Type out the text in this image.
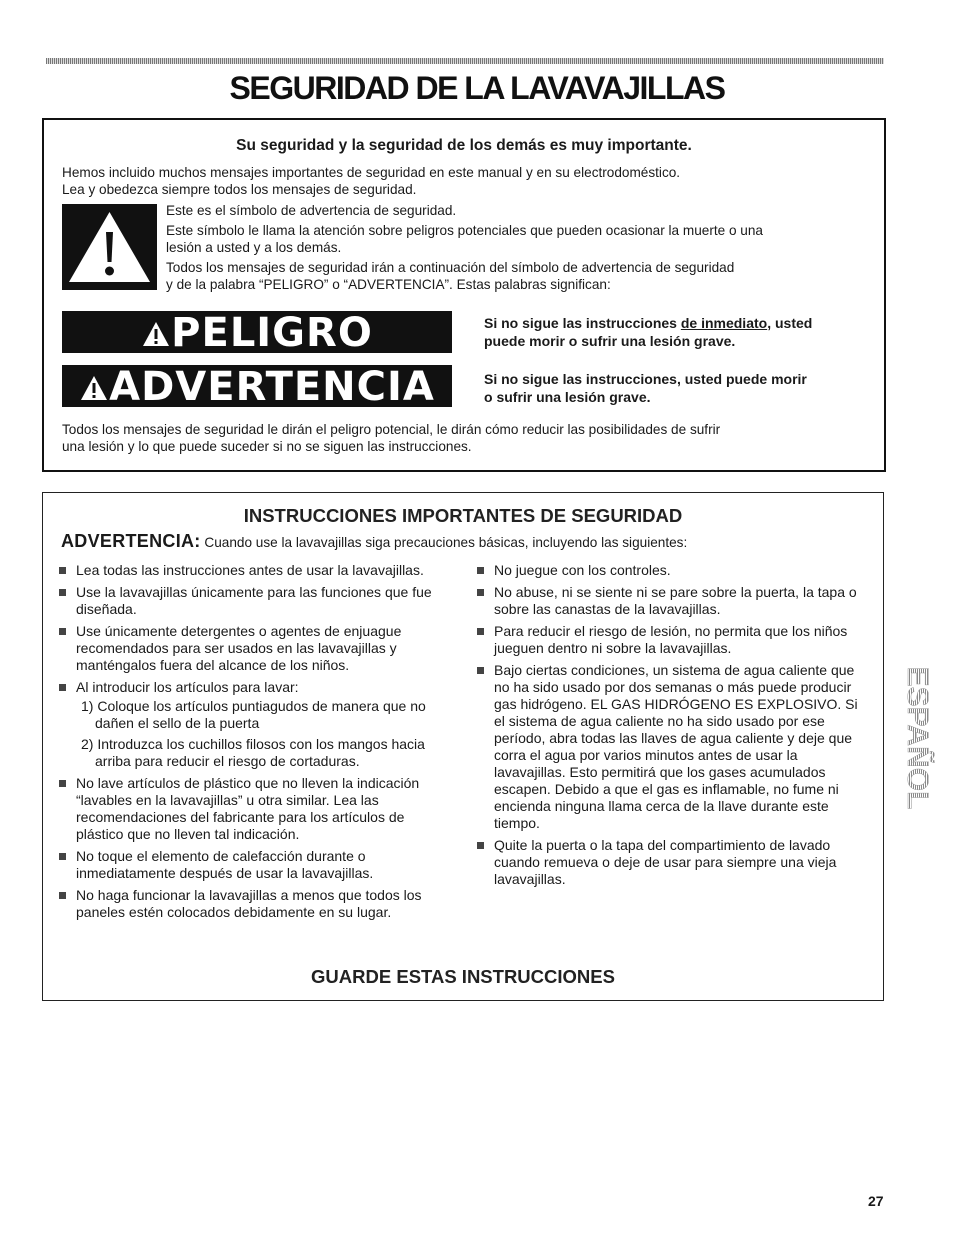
SEGURIDAD DE LA LAVAVAJILLAS
Su seguridad y la seguridad de los demás es muy importante.
Hemos incluido muchos mensajes importantes de seguridad en este manual y en su electrodoméstico.
Lea y obedezca siempre todos los mensajes de seguridad.
Este es el símbolo de advertencia de seguridad.
Este símbolo le llama la atención sobre peligros potenciales que pueden ocasionar la muerte o una
lesión a usted y a los demás.
Todos los mensajes de seguridad irán a continuación del símbolo de advertencia de seguridad
y de la palabra “PELIGRO” o “ADVERTENCIA”. Estas palabras significan:
PELIGRO	Si no sigue las instrucciones de inmediato, usted
puede morir o sufrir una lesión grave.
ADVERTENCIA	Si no sigue las instrucciones, usted puede morir
o sufrir una lesión grave.
Todos los mensajes de seguridad le dirán el peligro potencial, le dirán cómo reducir las posibilidades de sufrir
una lesión y lo que puede suceder si no se siguen las instrucciones.
INSTRUCCIONES IMPORTANTES DE SEGURIDAD
ADVERTENCIA: Cuando use la lavavajillas siga precauciones básicas, incluyendo las siguientes:
Lea todas las instrucciones antes de usar la lavavajillas.
Use la lavavajillas únicamente para las funciones que fue diseñada.
Use únicamente detergentes o agentes de enjuague recomendados para ser usados en las lavavajillas y manténgalos fuera del alcance de los niños.
Al introducir los artículos para lavar:
1) Coloque los artículos puntiagudos de manera que no dañen el sello de la puerta
2) Introduzca los cuchillos filosos con los mangos hacia arriba para reducir el riesgo de cortaduras.
No lave artículos de plástico que no lleven la indicación “lavables en la lavavajillas” u otra similar. Lea las recomendaciones del fabricante para los artículos de plástico que no lleven tal indicación.
No toque el elemento de calefacción durante o inmediatamente después de usar la lavavajillas.
No haga funcionar la lavavajillas a menos que todos los paneles estén colocados debidamente en su lugar.
No juegue con los controles.
No abuse, ni se siente ni se pare sobre la puerta, la tapa o sobre las canastas de la lavavajillas.
Para reducir el riesgo de lesión, no permita que los niños jueguen dentro ni sobre la lavavajillas.
Bajo ciertas condiciones, un sistema de agua caliente que no ha sido usado por dos semanas o más puede producir gas hidrógeno. EL GAS HIDRÓGENO ES EXPLOSIVO. Si el sistema de agua caliente no ha sido usado por ese período, abra todas las llaves de agua caliente y deje que corra el agua por varios minutos antes de usar la lavavajillas. Esto permitirá que los gases acumulados escapen. Debido a que el gas es inflamable, no fume ni encienda ninguna llama cerca de la llave durante este tiempo.
Quite la puerta o la tapa del compartimiento de lavado cuando remueva o deje de usar para siempre una vieja lavavajillas.
GUARDE ESTAS INSTRUCCIONES
ESPAÑOL
27
